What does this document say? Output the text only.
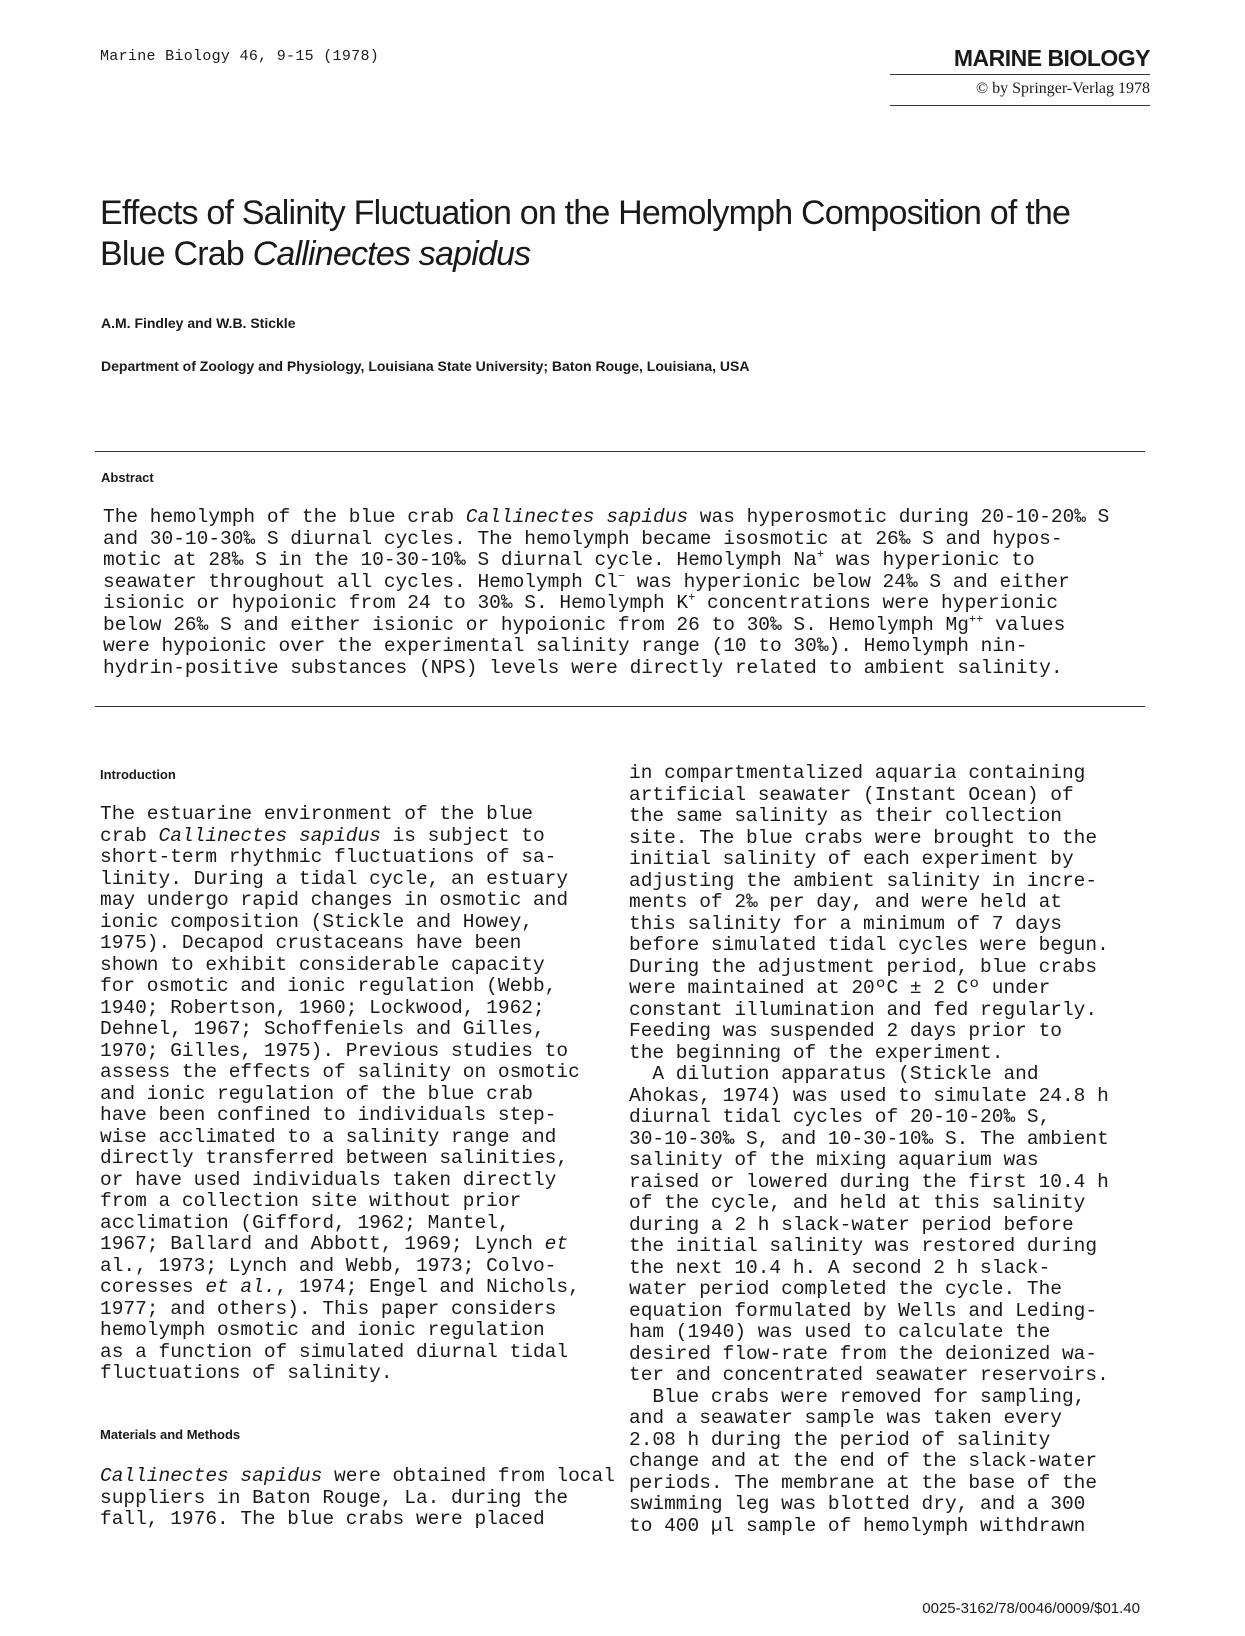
Marine Biology 46, 9-15 (1978)	MARINE BIOLOGY
© by Springer-Verlag 1978
Effects of Salinity Fluctuation on the Hemolymph Composition of the
Blue Crab Callinectes sapidus
A.M. Findley and W.B. Stickle
Department of Zoology and Physiology, Louisiana State University; Baton Rouge, Louisiana, USA
Abstract
The hemolymph of the blue crab Callinectes sapidus was hyperosmotic during 20-10-20‰ S
and 30-10-30‰ S diurnal cycles. The hemolymph became isosmotic at 26‰ S and hypos-
motic at 28‰ S in the 10-30-10‰ S diurnal cycle. Hemolymph Na+ was hyperionic to
seawater throughout all cycles. Hemolymph Cl− was hyperionic below 24‰ S and either
isionic or hypoionic from 24 to 30‰ S. Hemolymph K+ concentrations were hyperionic
below 26‰ S and either isionic or hypoionic from 26 to 30‰ S. Hemolymph Mg++ values
were hypoionic over the experimental salinity range (10 to 30‰). Hemolymph nin-
hydrin-positive substances (NPS) levels were directly related to ambient salinity.
Introduction
The estuarine environment of the blue
crab Callinectes sapidus is subject to
short-term rhythmic fluctuations of sa-
linity. During a tidal cycle, an estuary
may undergo rapid changes in osmotic and
ionic composition (Stickle and Howey,
1975). Decapod crustaceans have been
shown to exhibit considerable capacity
for osmotic and ionic regulation (Webb,
1940; Robertson, 1960; Lockwood, 1962;
Dehnel, 1967; Schoffeniels and Gilles,
1970; Gilles, 1975). Previous studies to
assess the effects of salinity on osmotic
and ionic regulation of the blue crab
have been confined to individuals step-
wise acclimated to a salinity range and
directly transferred between salinities,
or have used individuals taken directly
from a collection site without prior
acclimation (Gifford, 1962; Mantel,
1967; Ballard and Abbott, 1969; Lynch et
al., 1973; Lynch and Webb, 1973; Colvo-
coresses et al., 1974; Engel and Nichols,
1977; and others). This paper considers
hemolymph osmotic and ionic regulation
as a function of simulated diurnal tidal
fluctuations of salinity.
Materials and Methods
Callinectes sapidus were obtained from local
suppliers in Baton Rouge, La. during the
fall, 1976. The blue crabs were placed
in compartmentalized aquaria containing
artificial seawater (Instant Ocean) of
the same salinity as their collection
site. The blue crabs were brought to the
initial salinity of each experiment by
adjusting the ambient salinity in incre-
ments of 2‰ per day, and were held at
this salinity for a minimum of 7 days
before simulated tidal cycles were begun.
During the adjustment period, blue crabs
were maintained at 20ºC ± 2 Cº under
constant illumination and fed regularly.
Feeding was suspended 2 days prior to
the beginning of the experiment.
A dilution apparatus (Stickle and
Ahokas, 1974) was used to simulate 24.8 h
diurnal tidal cycles of 20-10-20‰ S,
30-10-30‰ S, and 10-30-10‰ S. The ambient
salinity of the mixing aquarium was
raised or lowered during the first 10.4 h
of the cycle, and held at this salinity
during a 2 h slack-water period before
the initial salinity was restored during
the next 10.4 h. A second 2 h slack-
water period completed the cycle. The
equation formulated by Wells and Leding-
ham (1940) was used to calculate the
desired flow-rate from the deionized wa-
ter and concentrated seawater reservoirs.
Blue crabs were removed for sampling,
and a seawater sample was taken every
2.08 h during the period of salinity
change and at the end of the slack-water
periods. The membrane at the base of the
swimming leg was blotted dry, and a 300
to 400 µl sample of hemolymph withdrawn
0025-3162/78/0046/0009/$01.40
